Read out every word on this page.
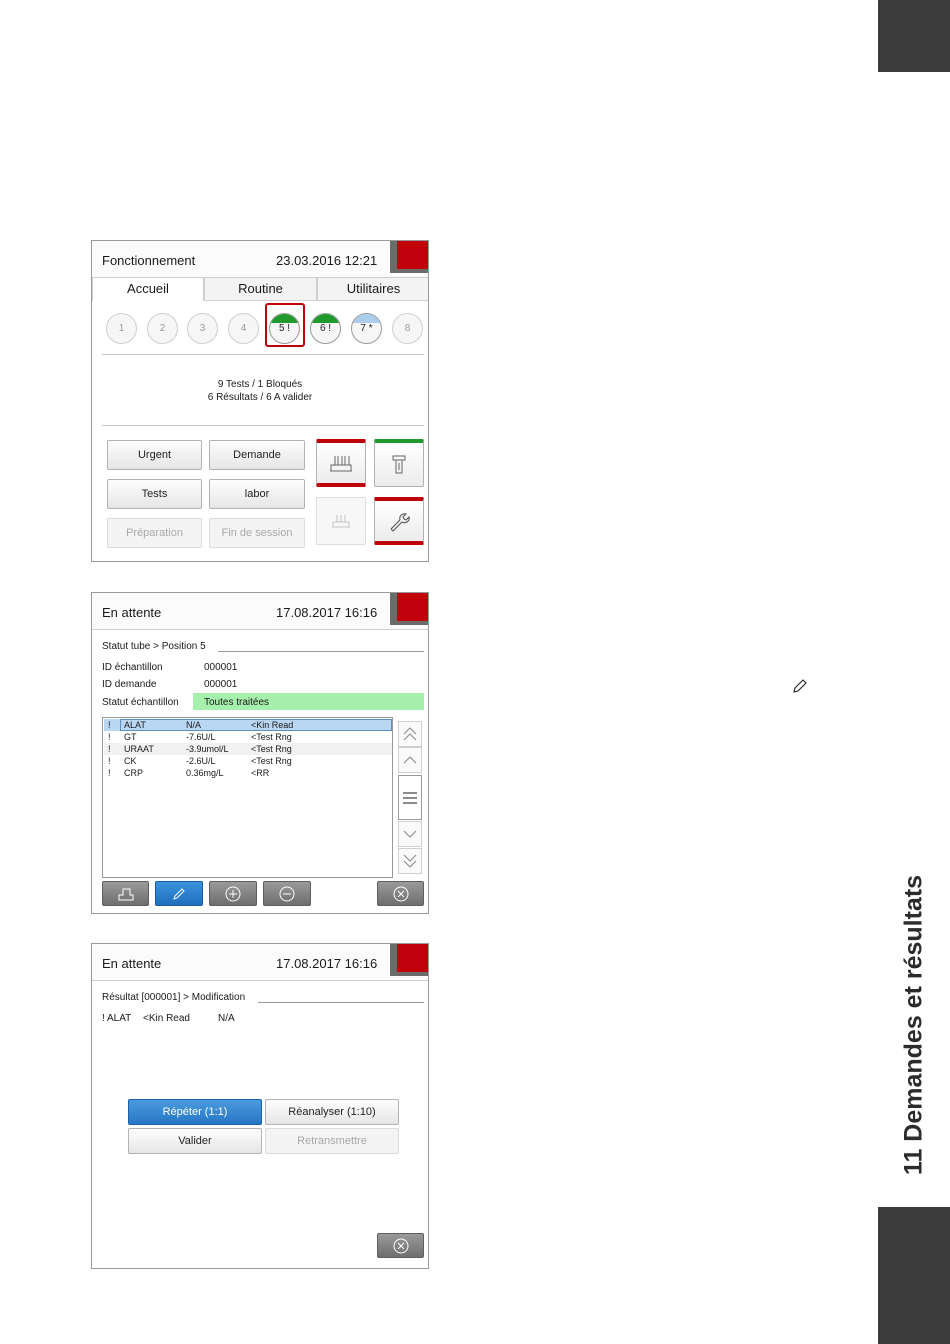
11 Demandes et résultats
Fonctionnement	23.03.2016 12:21
Accueil	Routine	Utilitaires
1	2	3	4	5 !	6 !	7 *	8
9 Tests / 1 Bloqués
6 Résultats / 6 A valider
Urgent	Demande
Tests	labor
Préparation	Fin de session
En attente	17.08.2017 16:16
Statut tube > Position 5
ID échantillon	000001
ID demande	000001
Statut échantillon	Toutes traitées
! ALAT	N/A	<Kin Read
! GT	-7.6U/L	<Test Rng
! URAAT	-3.9umol/L <Test Rng
! CK	-2.6U/L	<Test Rng
! CRP	0.36mg/L	<RR
En attente	17.08.2017 16:16
Résultat [000001] > Modification
! ALAT <Kin Read	N/A
Répéter (1:1)	Réanalyser (1:10)
Valider	Retransmettre
